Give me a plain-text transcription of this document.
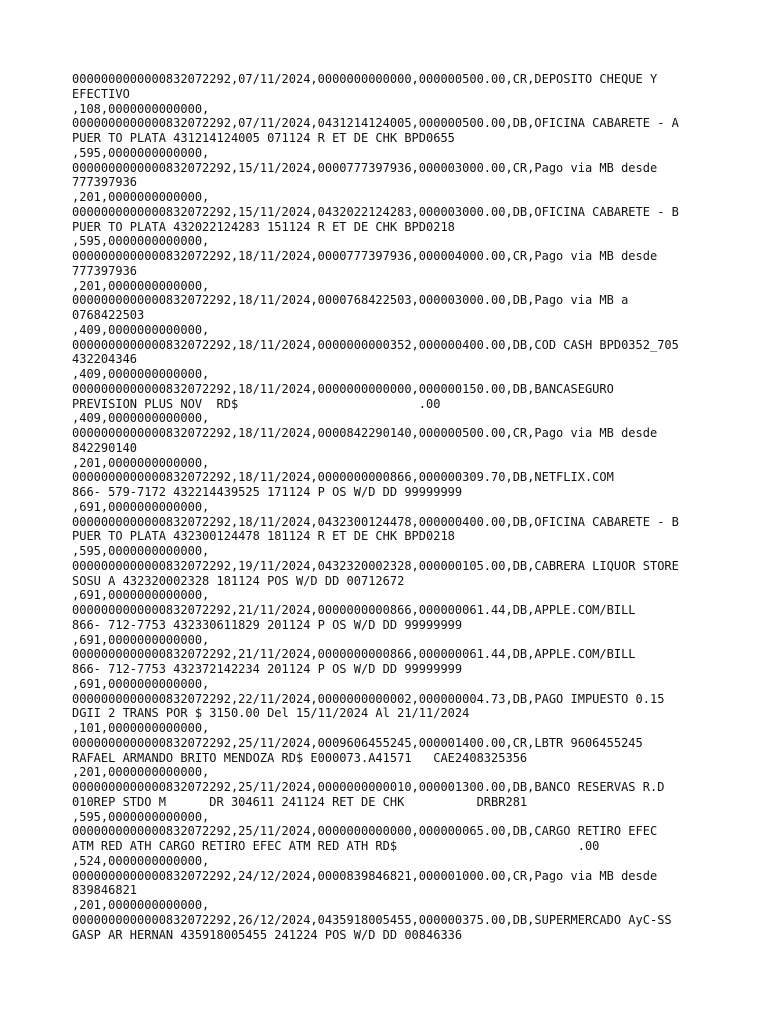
0000000000000832072292,07/11/2024,0000000000000,000000500.00,CR,DEPOSITO CHEQUE Y
EFECTIVO
,108,0000000000000,
0000000000000832072292,07/11/2024,0431214124005,000000500.00,DB,OFICINA CABARETE - A
PUER TO PLATA 431214124005 071124 R ET DE CHK BPD0655
,595,0000000000000,
0000000000000832072292,15/11/2024,0000777397936,000003000.00,CR,Pago via MB desde
777397936
,201,0000000000000,
0000000000000832072292,15/11/2024,0432022124283,000003000.00,DB,OFICINA CABARETE - B
PUER TO PLATA 432022124283 151124 R ET DE CHK BPD0218
,595,0000000000000,
0000000000000832072292,18/11/2024,0000777397936,000004000.00,CR,Pago via MB desde
777397936
,201,0000000000000,
0000000000000832072292,18/11/2024,0000768422503,000003000.00,DB,Pago via MB a
0768422503
,409,0000000000000,
0000000000000832072292,18/11/2024,0000000000352,000000400.00,DB,COD CASH BPD0352_705
432204346
,409,0000000000000,
0000000000000832072292,18/11/2024,0000000000000,000000150.00,DB,BANCASEGURO
PREVISION PLUS NOV  RD$                         .00
,409,0000000000000,
0000000000000832072292,18/11/2024,0000842290140,000000500.00,CR,Pago via MB desde
842290140
,201,0000000000000,
0000000000000832072292,18/11/2024,0000000000866,000000309.70,DB,NETFLIX.COM
866- 579-7172 432214439525 171124 P OS W/D DD 99999999
,691,0000000000000,
0000000000000832072292,18/11/2024,0432300124478,000000400.00,DB,OFICINA CABARETE - B
PUER TO PLATA 432300124478 181124 R ET DE CHK BPD0218
,595,0000000000000,
0000000000000832072292,19/11/2024,0432320002328,000000105.00,DB,CABRERA LIQUOR STORE
SOSU A 432320002328 181124 POS W/D DD 00712672
,691,0000000000000,
0000000000000832072292,21/11/2024,0000000000866,000000061.44,DB,APPLE.COM/BILL
866- 712-7753 432330611829 201124 P OS W/D DD 99999999
,691,0000000000000,
0000000000000832072292,21/11/2024,0000000000866,000000061.44,DB,APPLE.COM/BILL
866- 712-7753 432372142234 201124 P OS W/D DD 99999999
,691,0000000000000,
0000000000000832072292,22/11/2024,0000000000002,000000004.73,DB,PAGO IMPUESTO 0.15
DGII 2 TRANS POR $ 3150.00 Del 15/11/2024 Al 21/11/2024
,101,0000000000000,
0000000000000832072292,25/11/2024,0009606455245,000001400.00,CR,LBTR 9606455245
RAFAEL ARMANDO BRITO MENDOZA RD$ E000073.A41571   CAE2408325356
,201,0000000000000,
0000000000000832072292,25/11/2024,0000000000010,000001300.00,DB,BANCO RESERVAS R.D
010REP STDO M      DR 304611 241124 RET DE CHK          DRBR281
,595,0000000000000,
0000000000000832072292,25/11/2024,0000000000000,000000065.00,DB,CARGO RETIRO EFEC
ATM RED ATH CARGO RETIRO EFEC ATM RED ATH RD$                         .00
,524,0000000000000,
0000000000000832072292,24/12/2024,0000839846821,000001000.00,CR,Pago via MB desde
839846821
,201,0000000000000,
0000000000000832072292,26/12/2024,0435918005455,000000375.00,DB,SUPERMERCADO AyC-SS
GASP AR HERNAN 435918005455 241224 POS W/D DD 00846336
